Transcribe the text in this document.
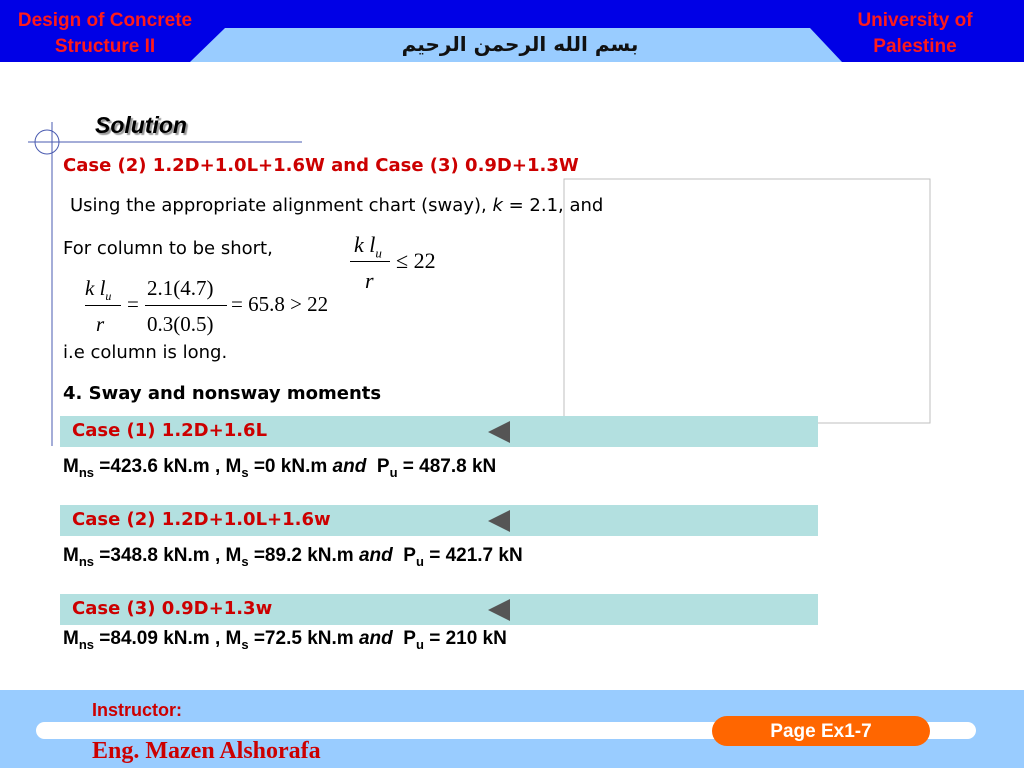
Design of Concrete
Structure II	بسم الله الرحمن الرحيم
University of
Palestine
Solution
Case (2) 1.2D+1.0L+1.6W and Case (3) 0.9D+1.3W
Using the appropriate alignment chart (sway), k = 2.1, and
For column to be short,	k $l_u$
r
≤ 22
k $l_u$
r
=
2.1(4.7)
0.3(0.5)
= 65.8 > 22
i.e column is long.
4. Sway and nonsway moments
Case (1) 1.2D+1.6L
$M_{ns} =423.6$ kN.m , $M_s =0$ kN.m and $P_u = 487.8$ kN
Case (2) 1.2D+1.0L+1.6w
$M_{ns} =348.8$ kN.m , $M_s =89.2$ kN.m and $P_u = 421.7$ kN
Case (3) 0.9D+1.3w
$M_{ns} =84.09$ kN.m , $M_s =72.5$ kN.m and $P_u = 210$ kN
Instructor:
Eng. Mazen Alshorafa
Page Ex1-7
